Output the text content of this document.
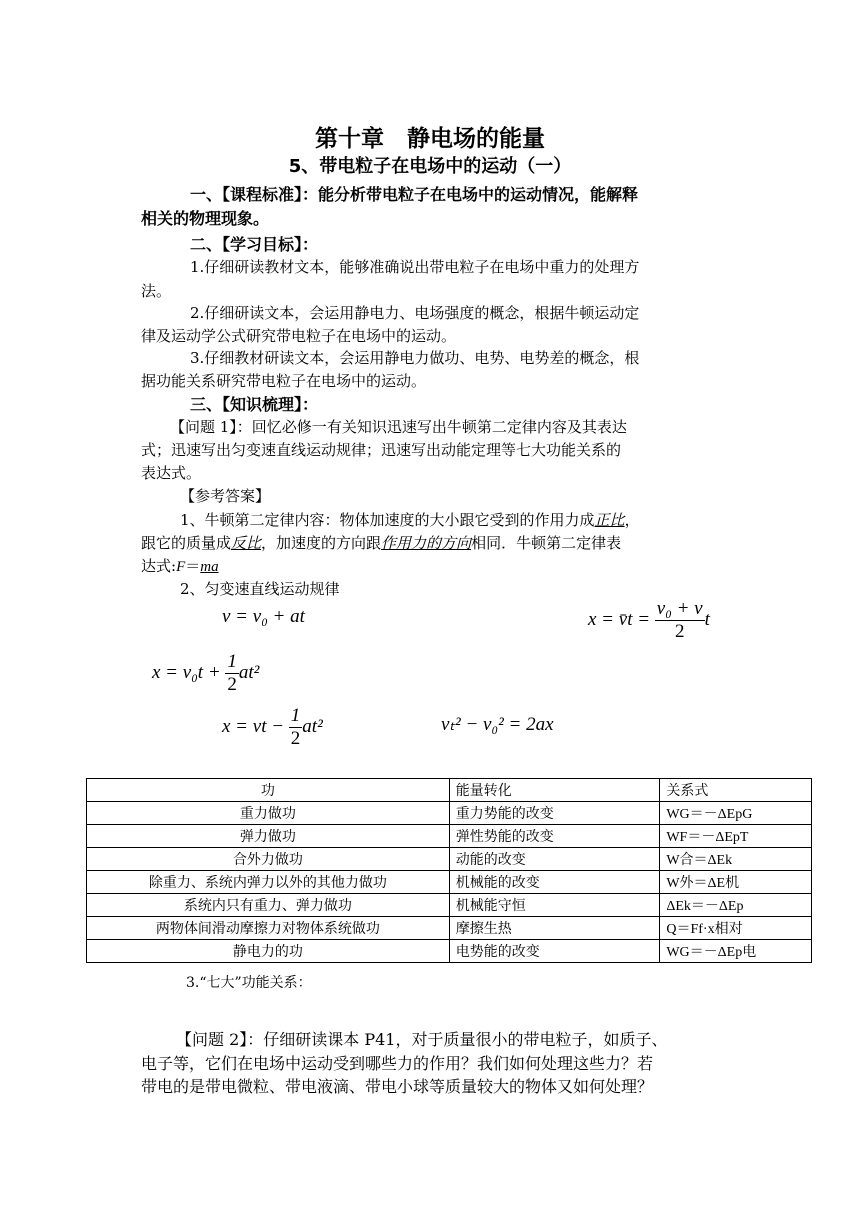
第十章　静电场的能量
5、带电粒子在电场中的运动（一）
一、【课程标准】：能分析带电粒子在电场中的运动情况，能解释
相关的物理现象。
二、【学习目标】：
1.仔细研读教材文本，能够准确说出带电粒子在电场中重力的处理方
法。
2.仔细研读文本，会运用静电力、电场强度的概念，根据牛顿运动定
律及运动学公式研究带电粒子在电场中的运动。
3.仔细教材研读文本，会运用静电力做功、电势、电势差的概念，根
据功能关系研究带电粒子在电场中的运动。
三、【知识梳理】：
【问题 1】：回忆必修一有关知识迅速写出牛顿第二定律内容及其表达
式；迅速写出匀变速直线运动规律；迅速写出动能定理等七大功能关系的
表达式。
【参考答案】
1、牛顿第二定律内容：物体加速度的大小跟它受到的作用力成正比，
跟它的质量成反比，加速度的方向跟作用力的方向相同．牛顿第二定律表
达式:F＝ma
2、匀变速直线运动规律
v = v₀ + at	x = v̄t = $\frac{\text{v₀ + v}}{2}$ t
$x = v_0t + \frac{1}{2} at^2$
x = vt − $\frac{1}{2} at^2$	vₜ² − v₀² = 2ax
功	能量转化	关系式
重力做功	重力势能的改变	WG＝－ΔEpG
弹力做功	弹性势能的改变	WF＝－ΔEpT
合外力做功	动能的改变	W合＝ΔEk
除重力、系统内弹力以外的其他力做功	机械能的改变	W外＝ΔE机
系统内只有重力、弹力做功	机械能守恒	ΔEk＝－ΔEp
两物体间滑动摩擦力对物体系统做功	摩擦生热	Q＝Ff·x相对
静电力的功	电势能的改变	WG＝－ΔEp电
3.“七大”功能关系：
【问题 2】：仔细研读课本 P41，对于质量很小的带电粒子，如质子、
电子等，它们在电场中运动受到哪些力的作用？我们如何处理这些力？若
带电的是带电微粒、带电液滴、带电小球等质量较大的物体又如何处理？
